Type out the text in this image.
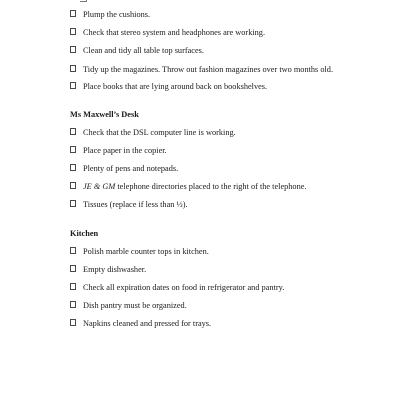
Plump the cushions.
Check that stereo system and headphones are working.
Clean and tidy all table top surfaces.
Tidy up the magazines. Throw out fashion magazines over two months old.
Place books that are lying around back on bookshelves.
Ms Maxwell’s Desk
Check that the DSL computer line is working.
Place paper in the copier.
Plenty of pens and notepads.
JE & GM telephone directories placed to the right of the telephone.
Tissues (replace if less than ½).
Kitchen
Polish marble counter tops in kitchen.
Empty dishwasher.
Check all expiration dates on food in refrigerator and pantry.
Dish pantry must be organized.
Napkins cleaned and pressed for trays.
